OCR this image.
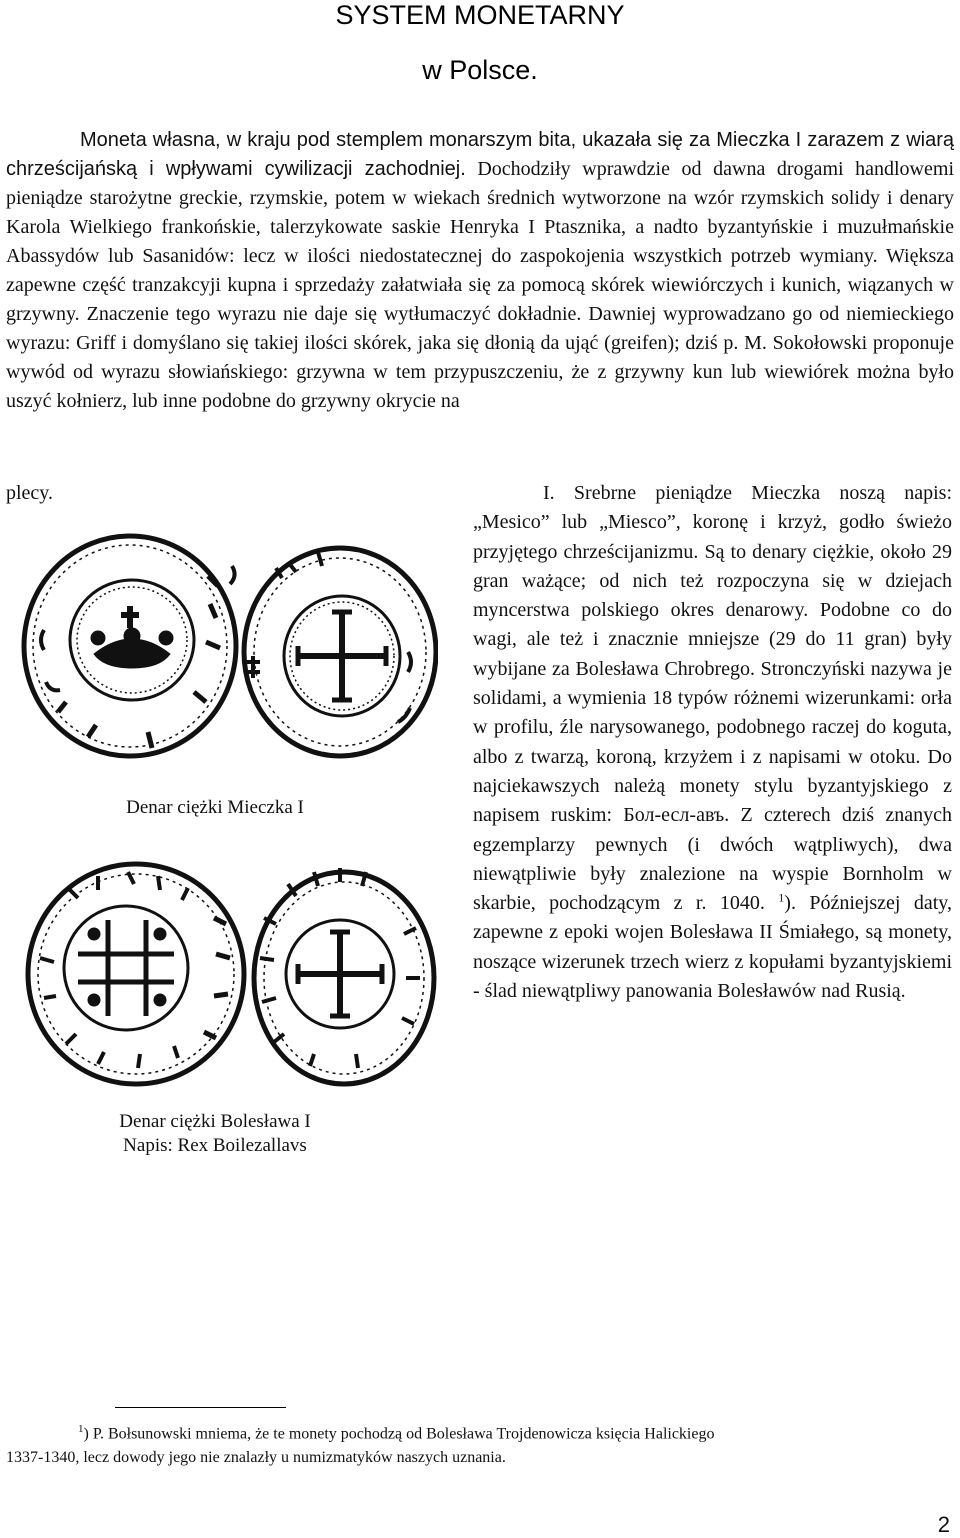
SYSTEM MONETARNY
w Polsce.
Moneta własna, w kraju pod stemplem monarszym bita, ukazała się za Mieczka I zarazem z wiarą chrześcijańską i wpływami cywilizacji zachodniej. Dochodziły wprawdzie od dawna drogami handlowemi pieniądze starożytne greckie, rzymskie, potem w wiekach średnich wytworzone na wzór rzymskich solidy i denary Karola Wielkiego frankońskie, talerzykowate saskie Henryka I Ptasznika, a nadto byzantyńskie i muzułmańskie Abassydów lub Sasanidów: lecz w ilości niedostatecznej do zaspokojenia wszystkich potrzeb wymiany. Większa zapewne część tranzakcyji kupna i sprzedaży załatwiała się za pomocą skórek wiewiórczych i kunich, wiązanych w grzywny. Znaczenie tego wyrazu nie daje się wytłumaczyć dokładnie. Dawniej wyprowadzano go od niemieckiego wyrazu: Griff i domyślano się takiej ilości skórek, jaka się dłonią da ująć (greifen); dziś p. M. Sokołowski proponuje wywód od wyrazu słowiańskiego: grzywna w tem przypuszczeniu, że z grzywny kun lub wiewiórek można było uszyć kołnierz, lub inne podobne do grzywny okrycie na
plecy.	I. Srebrne pieniądze Mieczka noszą napis: „Mesico” lub „Miesco”, koronę i krzyż, godło świeżo przyjętego chrześcijanizmu. Są to denary ciężkie, około 29 gran ważące; od nich też rozpoczyna się w dziejach myncerstwa polskiego okres denarowy. Podobne co do wagi, ale też i znacznie mniejsze (29 do 11 gran) były wybijane za Bolesława Chrobrego. Stronczyński nazywa je solidami, a wymienia 18 typów różnemi wizerunkami: orła w profilu, źle narysowanego, podobnego raczej do koguta, albo z twarzą, koroną, krzyżem i z napisami w otoku. Do najciekawszych należą monety stylu byzantyjskiego z napisem ruskim: Бол-есл-авъ. Z czterech dziś znanych egzemplarzy pewnych (i dwóch wątpliwych), dwa niewątpliwie były znalezione na wyspie Bornholm w skarbie, pochodzącym z r. 1040. $^1$). Późniejszej daty, zapewne z epoki wojen Bolesława II Śmiałego, są monety, noszące wizerunek trzech wierz z kopułami byzantyjskiemi - ślad niewątpliwy panowania Bolesławów nad Rusią.
Denar ciężki Mieczka I
Denar ciężki Bolesława I
Napis: Rex Boilezallavs
$^1$) P. Bołsunowski mniema, że te monety pochodzą od Bolesława Trojdenowicza księcia Halickiego
1337-1340, lecz dowody jego nie znalazły u numizmatyków naszych uznania.
2
